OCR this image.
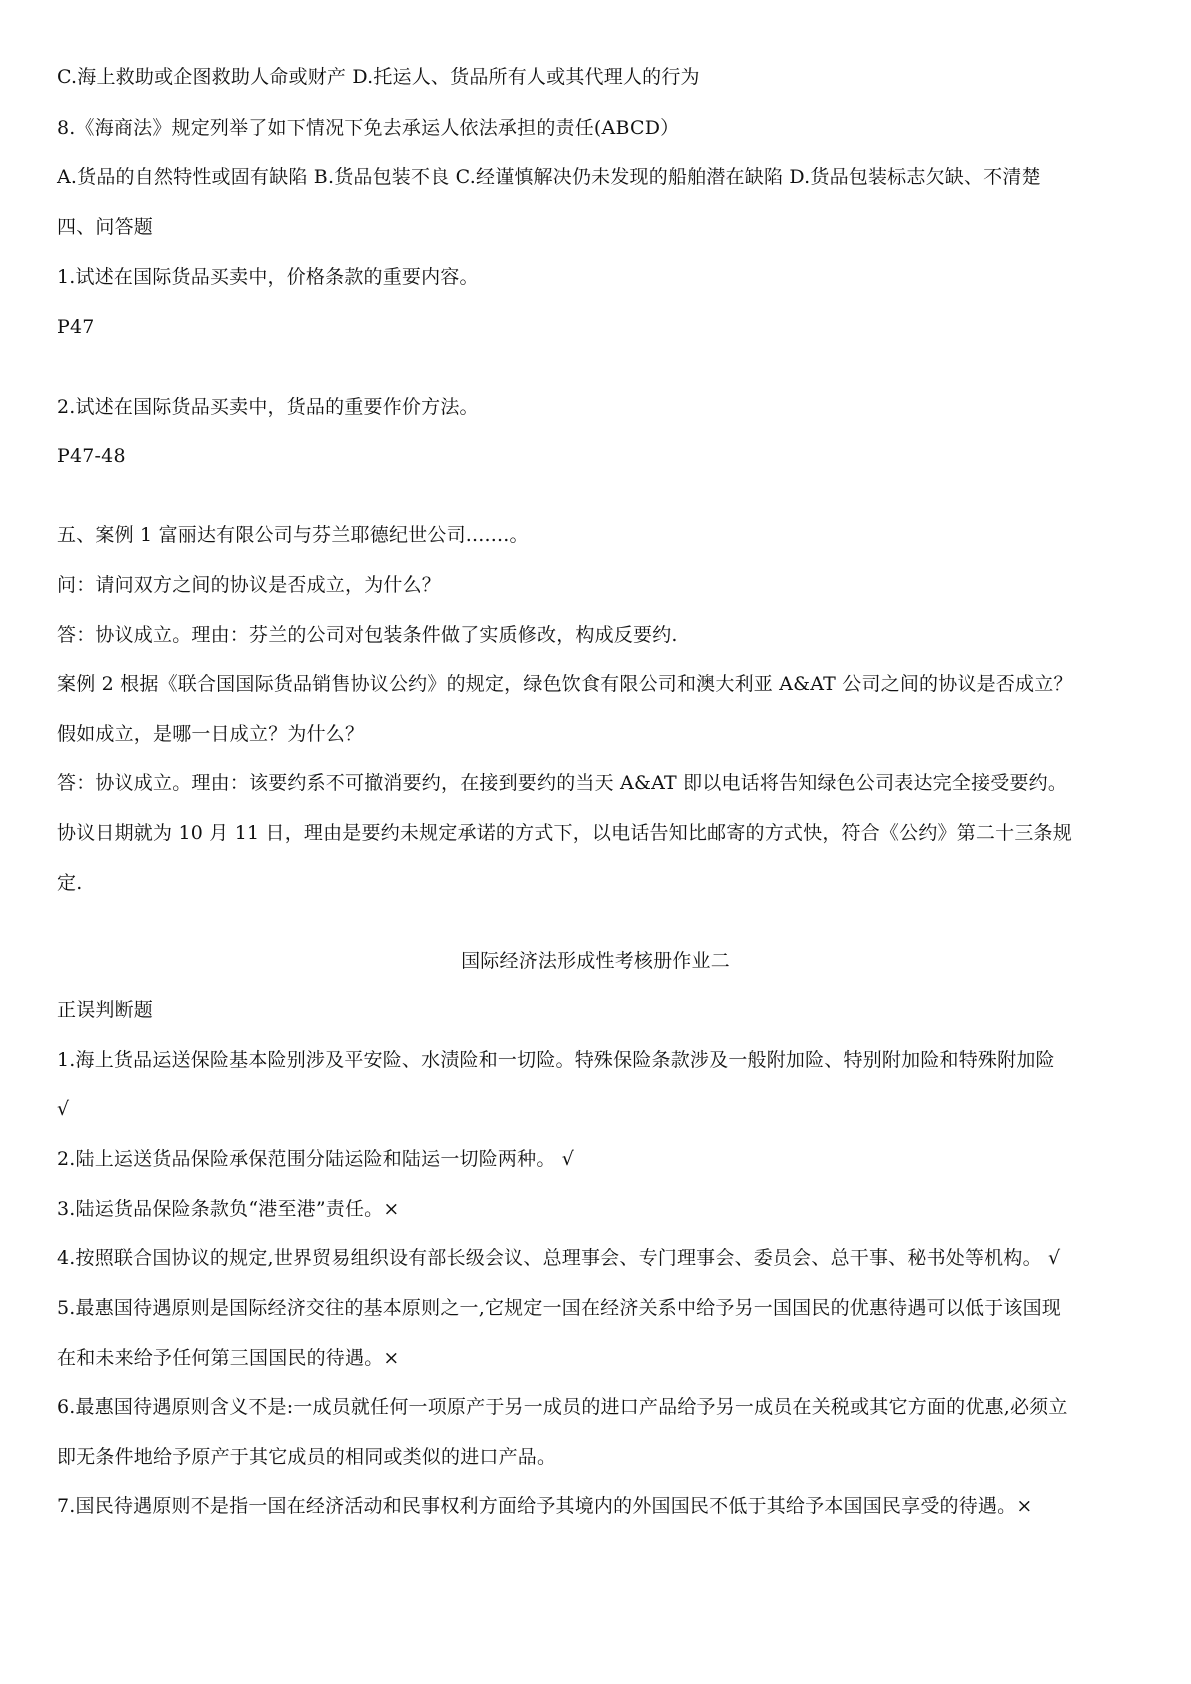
C.海上救助或企图救助人命或财产 D.托运人、货品所有人或其代理人的行为
8.《海商法》规定列举了如下情况下免去承运人依法承担的责任(ABCD）
A.货品的自然特性或固有缺陷 B.货品包装不良 C.经谨慎解决仍未发现的船舶潜在缺陷 D.货品包装标志欠缺、不清楚
四、问答题
1.试述在国际货品买卖中，价格条款的重要内容。
P47
2.试述在国际货品买卖中，货品的重要作价方法。
P47-48
五、案例 1 富丽达有限公司与芬兰耶德纪世公司.......。
问：请问双方之间的协议是否成立，为什么？
答：协议成立。理由：芬兰的公司对包装条件做了实质修改，构成反要约.
案例 2 根据《联合国国际货品销售协议公约》的规定，绿色饮食有限公司和澳大利亚 A&AT 公司之间的协议是否成立？
假如成立，是哪一日成立？为什么？
答：协议成立。理由：该要约系不可撤消要约，在接到要约的当天 A&AT 即以电话将告知绿色公司表达完全接受要约。
协议日期就为 10 月 11 日，理由是要约未规定承诺的方式下，以电话告知比邮寄的方式快，符合《公约》第二十三条规
定.
国际经济法形成性考核册作业二
正误判断题
1.海上货品运送保险基本险别涉及平安险、水渍险和一切险。特殊保险条款涉及一般附加险、特别附加险和特殊附加险
√
2.陆上运送货品保险承保范围分陆运险和陆运一切险两种。 √
3.陆运货品保险条款负“港至港”责任。×
4.按照联合国协议的规定,世界贸易组织设有部长级会议、总理事会、专门理事会、委员会、总干事、秘书处等机构。 √
5.最惠国待遇原则是国际经济交往的基本原则之一,它规定一国在经济关系中给予另一国国民的优惠待遇可以低于该国现
在和未来给予任何第三国国民的待遇。×
6.最惠国待遇原则含义不是:一成员就任何一项原产于另一成员的进口产品给予另一成员在关税或其它方面的优惠,必须立
即无条件地给予原产于其它成员的相同或类似的进口产品。
7.国民待遇原则不是指一国在经济活动和民事权利方面给予其境内的外国国民不低于其给予本国国民享受的待遇。×
